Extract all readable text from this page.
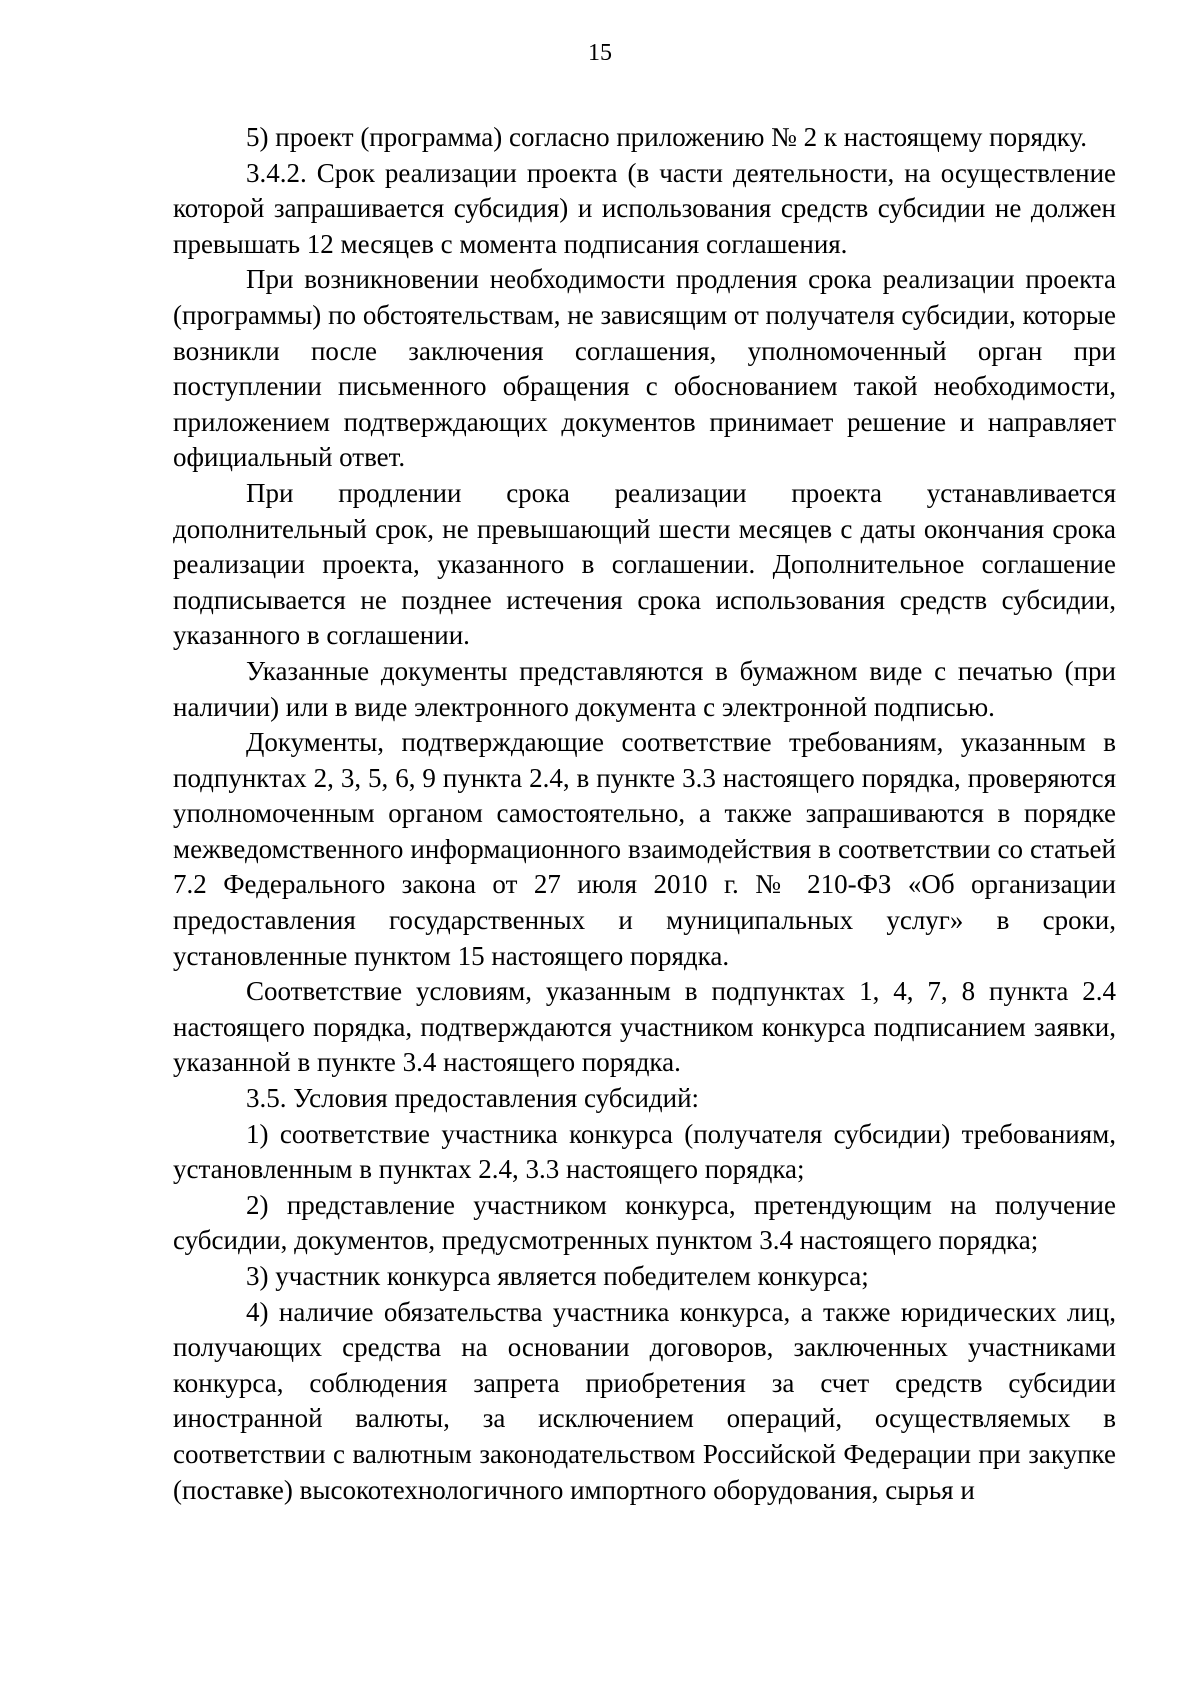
15

5) проект (программа) согласно приложению № 2 к настоящему порядку.

3.4.2. Срок реализации проекта (в части деятельности, на осуществление которой запрашивается субсидия) и использования средств субсидии не должен превышать 12 месяцев с момента подписания соглашения.

При возникновении необходимости продления срока реализации проекта (программы) по обстоятельствам, не зависящим от получателя субсидии, которые возникли после заключения соглашения, уполномоченный орган при поступлении письменного обращения с обоснованием такой необходимости, приложением подтверждающих документов принимает решение и направляет официальный ответ.

При продлении срока реализации проекта устанавливается дополнительный срок, не превышающий шести месяцев с даты окончания срока реализации проекта, указанного в соглашении. Дополнительное соглашение подписывается не позднее истечения срока использования средств субсидии, указанного в соглашении.

Указанные документы представляются в бумажном виде с печатью (при наличии) или в виде электронного документа с электронной подписью.

Документы, подтверждающие соответствие требованиям, указанным в подпунктах 2, 3, 5, 6, 9 пункта 2.4, в пункте 3.3 настоящего порядка, проверяются уполномоченным органом самостоятельно, а также запрашиваются в порядке межведомственного информационного взаимодействия в соответствии со статьей 7.2 Федерального закона от 27 июля 2010 г. № 210-ФЗ «Об организации предоставления государственных и муниципальных услуг» в сроки, установленные пунктом 15 настоящего порядка.

Соответствие условиям, указанным в подпунктах 1, 4, 7, 8 пункта 2.4 настоящего порядка, подтверждаются участником конкурса подписанием заявки, указанной в пункте 3.4 настоящего порядка.

3.5. Условия предоставления субсидий:

1) соответствие участника конкурса (получателя субсидии) требованиям, установленным в пунктах 2.4, 3.3 настоящего порядка;

2) представление участником конкурса, претендующим на получение субсидии, документов, предусмотренных пунктом 3.4 настоящего порядка;

3) участник конкурса является победителем конкурса;

4) наличие обязательства участника конкурса, а также юридических лиц, получающих средства на основании договоров, заключенных участниками конкурса, соблюдения запрета приобретения за счет средств субсидии иностранной валюты, за исключением операций, осуществляемых в соответствии с валютным законодательством Российской Федерации при закупке (поставке) высокотехнологичного импортного оборудования, сырья и
